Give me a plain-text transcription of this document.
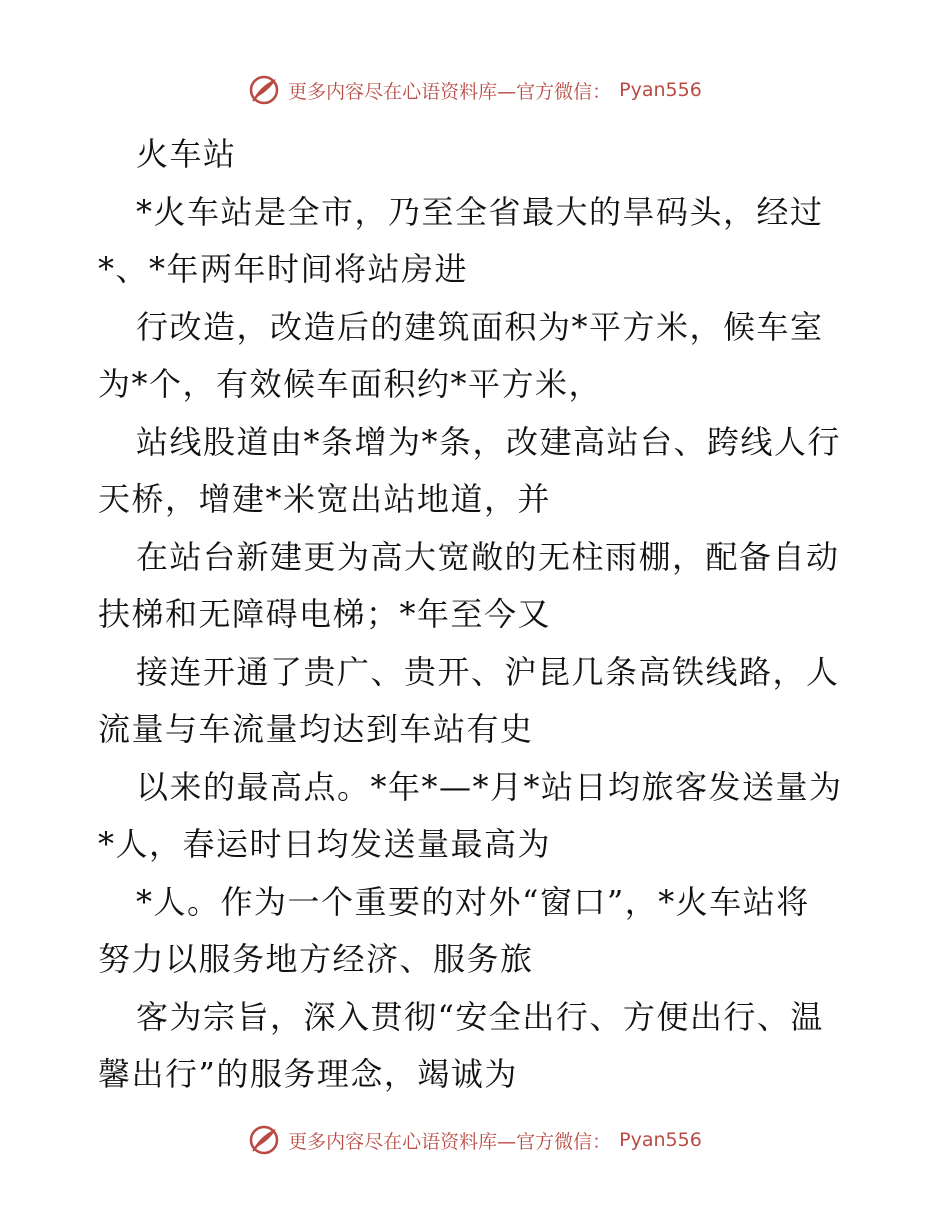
更多内容尽在心语资料库—官方微信： Pyan556

火车站

*火车站是全市，乃至全省最大的旱码头，经过
*、*年两年时间将站房进

行改造，改造后的建筑面积为*平方米，候车室
为*个，有效候车面积约*平方米，

站线股道由*条增为*条，改建高站台、跨线人行
天桥，增建*米宽出站地道，并

在站台新建更为高大宽敞的无柱雨棚，配备自动
扶梯和无障碍电梯；*年至今又

接连开通了贵广、贵开、沪昆几条高铁线路，人
流量与车流量均达到车站有史

以来的最高点。*年*—*月*站日均旅客发送量为
*人，春运时日均发送量最高为

*人。作为一个重要的对外“窗口”，*火车站将
努力以服务地方经济、服务旅

客为宗旨，深入贯彻“安全出行、方便出行、温
馨出行”的服务理念，竭诚为

更多内容尽在心语资料库—官方微信： Pyan556
